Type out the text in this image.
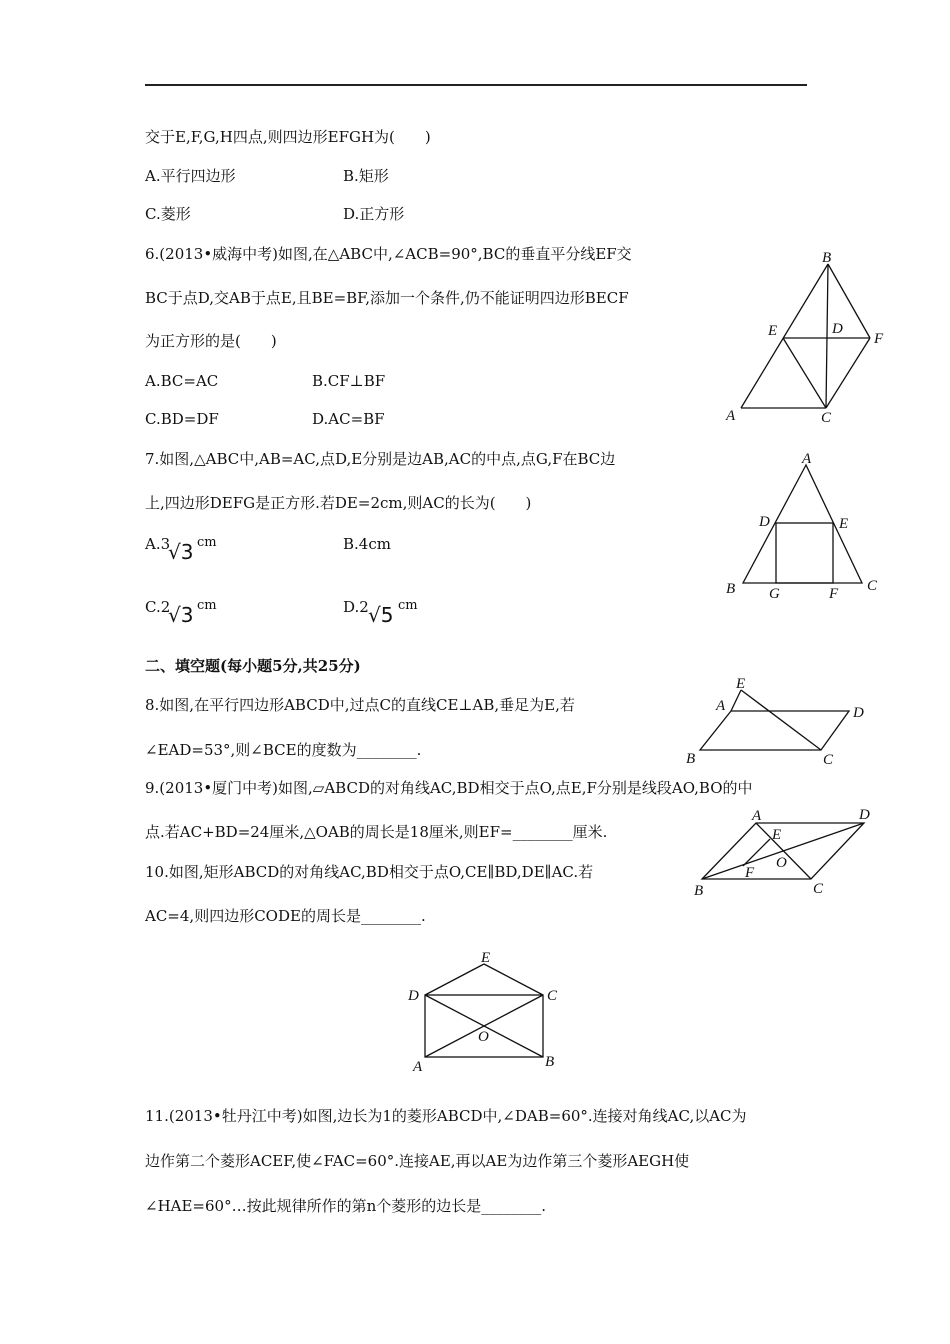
交于E,F,G,H四点,则四边形EFGH为(　　)
A.平行四边形	B.矩形
C.菱形	D.正方形
6.(2013•威海中考)如图,在△ABC中,∠ACB=90°,BC的垂直平分线EF交
BC于点D,交AB于点E,且BE=BF,添加一个条件,仍不能证明四边形BECF
为正方形的是(　　)
A.BC=AC	B.CF⊥BF
C.BD=DF	D.AC=BF
B
E	D
F
A	C
7.如图,△ABC中,AB=AC,点D,E分别是边AB,AC的中点,点G,F在BC边
上,四边形DEFG是正方形.若DE=2cm,则AC的长为(　　)
A.3
√3 cm	B.4cm
C.2
√3 cm	D.2 √5 cm
A
D	E
B G	F C
二、填空题(每小题5分,共25分)
8.如图,在平行四边形ABCD中,过点C的直线CE⊥AB,垂足为E,若
∠EAD=53°,则∠BCE的度数为________.
E
A	D
B	C
9.(2013•厦门中考)如图,▱ABCD的对角线AC,BD相交于点O,点E,F分别是线段AO,BO的中
点.若AC+BD=24厘米,△OAB的周长是18厘米,则EF=________厘米.
A	D
E
O
F
B	C
10.如图,矩形ABCD的对角线AC,BD相交于点O,CE∥BD,DE∥AC.若
AC=4,则四边形CODE的周长是________.
E
D	C
O
A	B
11.(2013•牡丹江中考)如图,边长为1的菱形ABCD中,∠DAB=60°.连接对角线AC,以AC为
边作第二个菱形ACEF,使∠FAC=60°.连接AE,再以AE为边作第三个菱形AEGH使
∠HAE=60°…按此规律所作的第n个菱形的边长是________.
